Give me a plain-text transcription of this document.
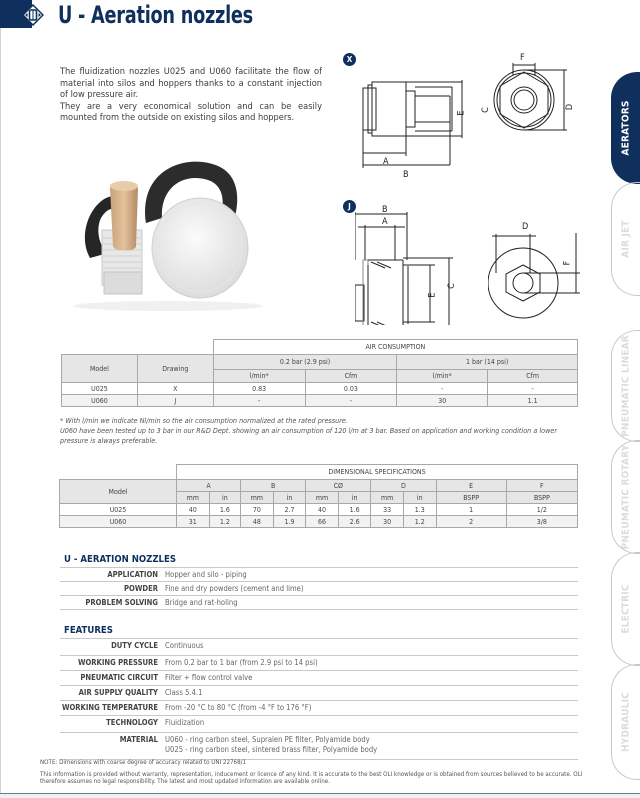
U - Aeration nozzles

The fluidization nozzles U025 and U060 facilitate the flow of material into silos and hoppers thanks to a constant injection of low pressure air.

They are a very economical solution and can be easily mounted from the outside on existing silos and hoppers.

X
A
B
E
C
F
D
J	B
A
E
C
D
F
		AIR CONSUMPTION			
Model	Drawing	0.2 bar (2.9 psi)		1 bar (14 psi)	
		l/min*	Cfm	l/min*	Cfm
U025	X	0.83	0.03	-	-
U060	J	-	-	30	1.1

* With l/min we indicate Nl/min so the air consumption normalized at the rated pressure.

U060 have been tested up to 3 bar in our R&D Dept. showing an air consumption of 120 l/m at 3 bar. Based on application and working condition a lower pressure is always preferable.

	DIMENSIONAL SPECIFICATIONS									
Model	A		B		CØ		D		E	F
	mm	in	mm	in	mm	in	mm	in	BSPP	BSPP
U025	40	1.6	70	2.7	40	1.6	33	1.3	1	1/2
U060	31	1.2	48	1.9	66	2.6	30	1.2	2	3/8
U - AERATION NOZZLES
APPLICATION Hopper and silo - piping
POWDER Fine and dry powders (cement and lime)
PROBLEM SOLVING Bridge and rat-holing
FEATURES
DUTY CYCLE Continuous
WORKING PRESSURE From 0.2 bar to 1 bar (from 2.9 psi to 14 psi)
PNEUMATIC CIRCUIT Filter + flow control valve
AIR SUPPLY QUALITY Class 5.4.1
WORKING TEMPERATURE From -20 °C to 80 °C (from -4 °F to 176 °F)
TECHNOLOGY Fluidization
MATERIAL U060 - ring carbon steel, Supralen PE filter, Polyamide body
U025 - ring carbon steel, sintered brass filter, Polyamide body

NOTE: Dimensions with coarse degree of accuracy related to UNI 22768/1

This information is provided without warranty, representation, inducement or licence of any kind. It is accurate to the best OLI knowledge or is obtained from sources believed to be accurate. OLI therefore assumes no legal responsibility. The latest and most updated information are available online.

AERATORS
AIR JET
PNEUMATIC LINEAR
PNEUMATIC ROTARY
ELECTRIC
HYDRAULIC
